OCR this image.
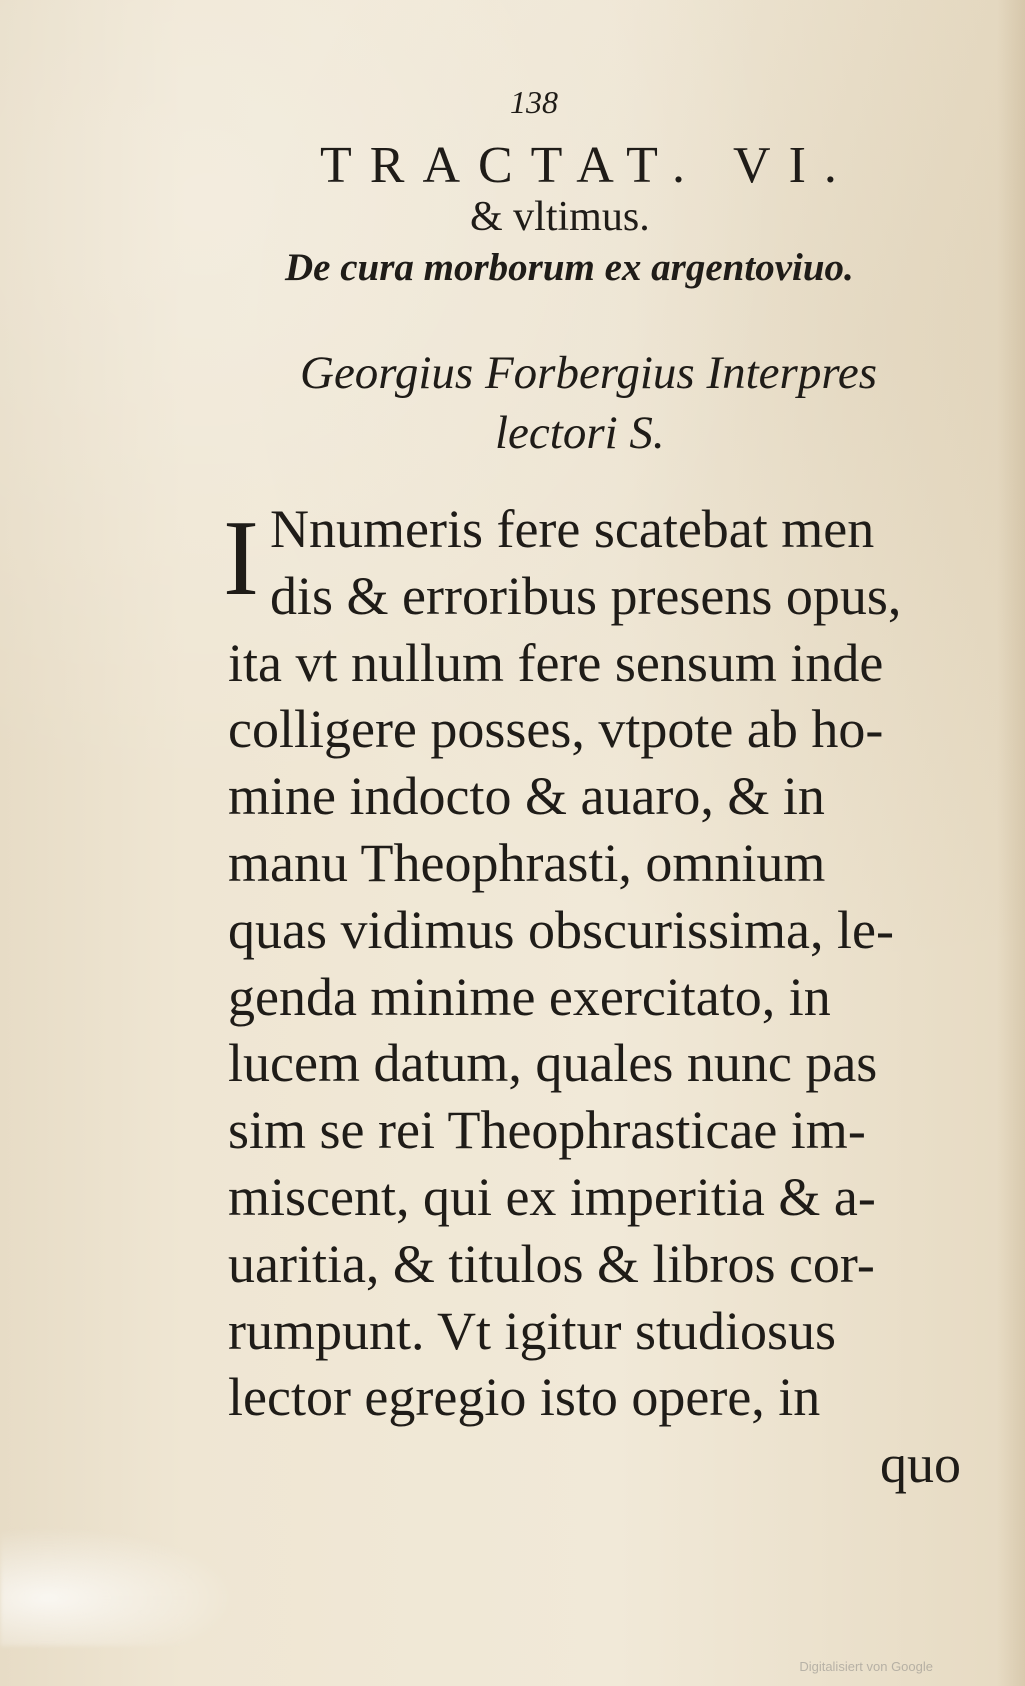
138
TRACTAT. VI.
& vltimus.
De cura morborum ex argentoviuo.
Georgius Forbergius Interpres
lectori S.
I Nnumeris fere scatebat men
dis & erroribus presens opus,
ita vt nullum fere sensum inde
colligere posses, vtpote ab ho-
mine indocto & auaro, & in
manu Theophrasti, omnium
quas vidimus obscurissima, le-
genda minime exercitato, in
lucem datum, quales nunc pas
sim se rei Theophrasticae im-
miscent, qui ex imperitia & a-
uaritia, & titulos & libros cor-
rumpunt. Vt igitur studiosus
lector egregio isto opere, in
quo
Digitalisiert von Google
